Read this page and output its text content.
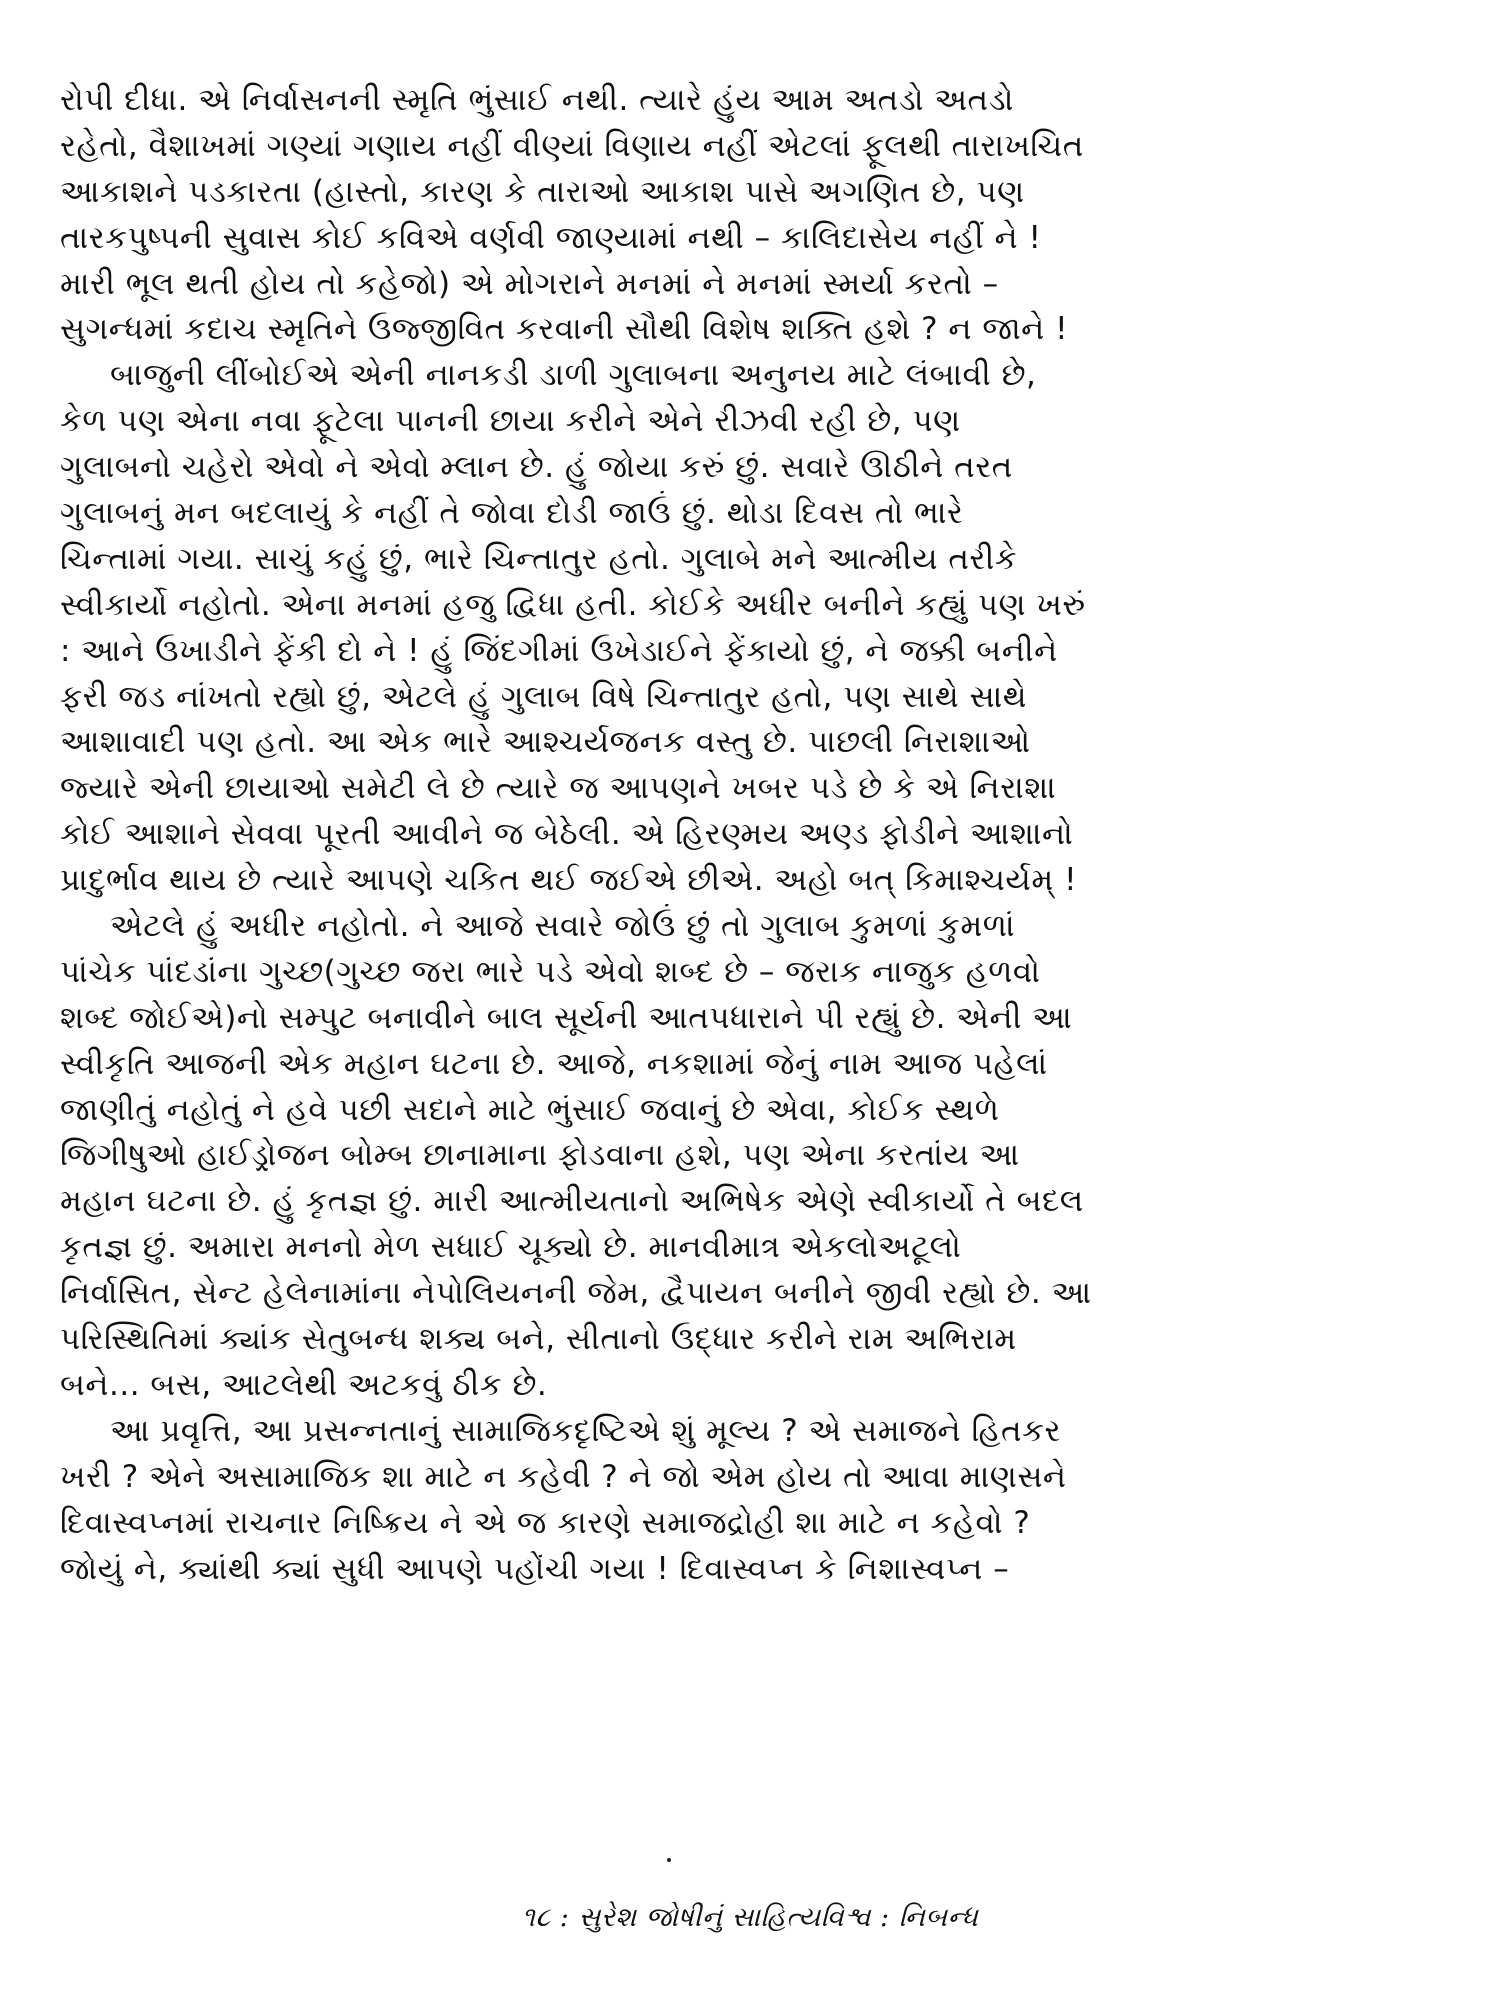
રોપી દીધા. એ નિર્વાસનની સ્મૃતિ ભુંસાઈ નથી. ત્યારે હુંય આમ અતડો અતડો
રહેતો, વૈશાખમાં ગણ્યાં ગણાય નહીં વીણ્યાં વિણાય નહીં એટલાં ફૂલથી તારાખચિત
આકાશને પડકારતા (હાસ્તો, કારણ કે તારાઓ આકાશ પાસે અગણિત છે, પણ
તારકપુષ્પની સુવાસ કોઈ કવિએ વર્ણવી જાણ્યામાં નથી – કાલિદાસેય નહીં ને !
મારી ભૂલ થતી હોય તો કહેજો) એ મોગરાને મનમાં ને મનમાં સ્મર્યા કરતો –
સુગન્ધમાં કદાચ સ્મૃતિને ઉજ્જીવિત કરવાની સૌથી વિશેષ શક્તિ હશે ? ન જાને !
બાજુની લીંબોઈએ એની નાનકડી ડાળી ગુલાબના અનુનય માટે લંબાવી છે,
કેળ પણ એના નવા ફૂટેલા પાનની છાયા કરીને એને રીઝવી રહી છે, પણ
ગુલાબનો ચહેરો એવો ને એવો મ્લાન છે. હું જોયા કરું છું. સવારે ઊઠીને તરત
ગુલાબનું મન બદલાયું કે નહીં તે જોવા દોડી જાઉં છું. થોડા દિવસ તો ભારે
ચિન્તામાં ગયા. સાચું કહું છું, ભારે ચિન્તાતુર હતો. ગુલાબે મને આત્મીય તરીકે
સ્વીકાર્યો નહોતો. એના મનમાં હજુ દ્વિધા હતી. કોઈકે અધીર બનીને કહ્યું પણ ખરું
: આને ઉખાડીને ફેંકી દો ને ! હું જિંદગીમાં ઉખેડાઈને ફેંકાયો છું, ને જક્કી બનીને
ફરી જડ નાંખતો રહ્યો છું, એટલે હું ગુલાબ વિષે ચિન્તાતુર હતો, પણ સાથે સાથે
આશાવાદી પણ હતો. આ એક ભારે આશ્ચર્યજનક વસ્તુ છે. પાછલી નિરાશાઓ
જ્યારે એની છાયાઓ સમેટી લે છે ત્યારે જ આપણને ખબર પડે છે કે એ નિરાશા
કોઈ આશાને સેવવા પૂરતી આવીને જ બેઠેલી. એ હિરણ્મય અણ્ડ ફોડીને આશાનો
પ્રાદુર્ભાવ થાય છે ત્યારે આપણે ચકિત થઈ જઈએ છીએ. અહો બત્ કિમાશ્ચર્યમ્ !
એટલે હું અધીર નહોતો. ને આજે સવારે જોઉં છું તો ગુલાબ કુમળાં કુમળાં
પાંચેક પાંદડાંના ગુચ્છ(ગુચ્છ જરા ભારે પડે એવો શબ્દ છે – જરાક નાજુક હળવો
શબ્દ જોઈએ)નો સમ્પુટ બનાવીને બાલ સૂર્યની આતપધારાને પી રહ્યું છે. એની આ
સ્વીકૃતિ આજની એક મહાન ઘટના છે. આજે, નકશામાં જેનું નામ આજ પહેલાં
જાણીતું નહોતું ને હવે પછી સદાને માટે ભુંસાઈ જવાનું છે એવા, કોઈક સ્થળે
જિગીષુઓ હાઈડ્રોજન બોમ્બ છાનામાના ફોડવાના હશે, પણ એના કરતાંય આ
મહાન ઘટના છે. હું કૃતજ્ઞ છું. મારી આત્મીયતાનો અભિષેક એણે સ્વીકાર્યો તે બદલ
કૃતજ્ઞ છું. અમારા મનનો મેળ સધાઈ ચૂક્યો છે. માનવીમાત્ર એકલોઅટૂલો
નિર્વાસિત, સેન્ટ હેલેનામાંના નેપોલિયનની જેમ, દ્વૈપાયન બનીને જીવી રહ્યો છે. આ
પરિસ્થિતિમાં ક્યાંક સેતુબન્ધ શક્ય બને, સીતાનો ઉદ્ધાર કરીને રામ અભિરામ
બને... બસ, આટલેથી અટકવું ઠીક છે.
આ પ્રવૃત્તિ, આ પ્રસન્નતાનું સામાજિકદૃષ્ટિએ શું મૂલ્ય ? એ સમાજને હિતકર
ખરી ? એને અસામાજિક શા માટે ન કહેવી ? ને જો એમ હોય તો આવા માણસને
દિવાસ્વપ્નમાં રાચનાર નિષ્ક્રિય ને એ જ કારણે સમાજદ્રોહી શા માટે ન કહેવો ?
જોયું ને, ક્યાંથી ક્યાં સુધી આપણે પહોંચી ગયા ! દિવાસ્વપ્ન કે નિશાસ્વપ્ન –
૧૮ : સુરેશ જોષીનું સાહિત્યવિશ્વ : નિબન્ધ
